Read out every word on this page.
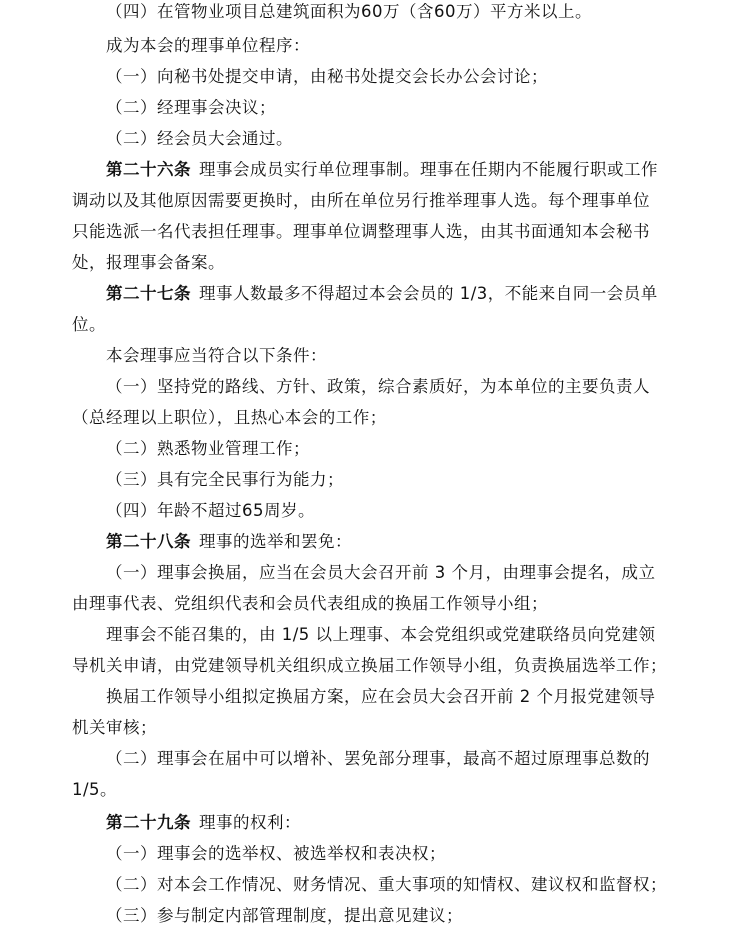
（四）在管物业项目总建筑面积为60万（含60万）平方米以上。
成为本会的理事单位程序：
（一）向秘书处提交申请，由秘书处提交会长办公会讨论；
（二）经理事会决议；
（二）经会员大会通过。
第二十六条 理事会成员实行单位理事制。理事在任期内不能履行职或工作
调动以及其他原因需要更换时，由所在单位另行推举理事人选。每个理事单位
只能选派一名代表担任理事。理事单位调整理事人选，由其书面通知本会秘书
处，报理事会备案。
第二十七条 理事人数最多不得超过本会会员的 1/3，不能来自同一会员单
位。
本会理事应当符合以下条件：
（一）坚持党的路线、方针、政策，综合素质好，为本单位的主要负责人
（总经理以上职位），且热心本会的工作；
（二）熟悉物业管理工作；
（三）具有完全民事行为能力；
（四）年龄不超过65周岁。
第二十八条 理事的选举和罢免：
（一）理事会换届，应当在会员大会召开前 3 个月，由理事会提名，成立
由理事代表、党组织代表和会员代表组成的换届工作领导小组；
理事会不能召集的，由 1/5 以上理事、本会党组织或党建联络员向党建领
导机关申请，由党建领导机关组织成立换届工作领导小组，负责换届选举工作；
换届工作领导小组拟定换届方案，应在会员大会召开前 2 个月报党建领导
机关审核；
（二）理事会在届中可以增补、罢免部分理事，最高不超过原理事总数的
1/5。
第二十九条 理事的权利：
（一）理事会的选举权、被选举权和表决权；
（二）对本会工作情况、财务情况、重大事项的知情权、建议权和监督权；
（三）参与制定内部管理制度，提出意见建议；
